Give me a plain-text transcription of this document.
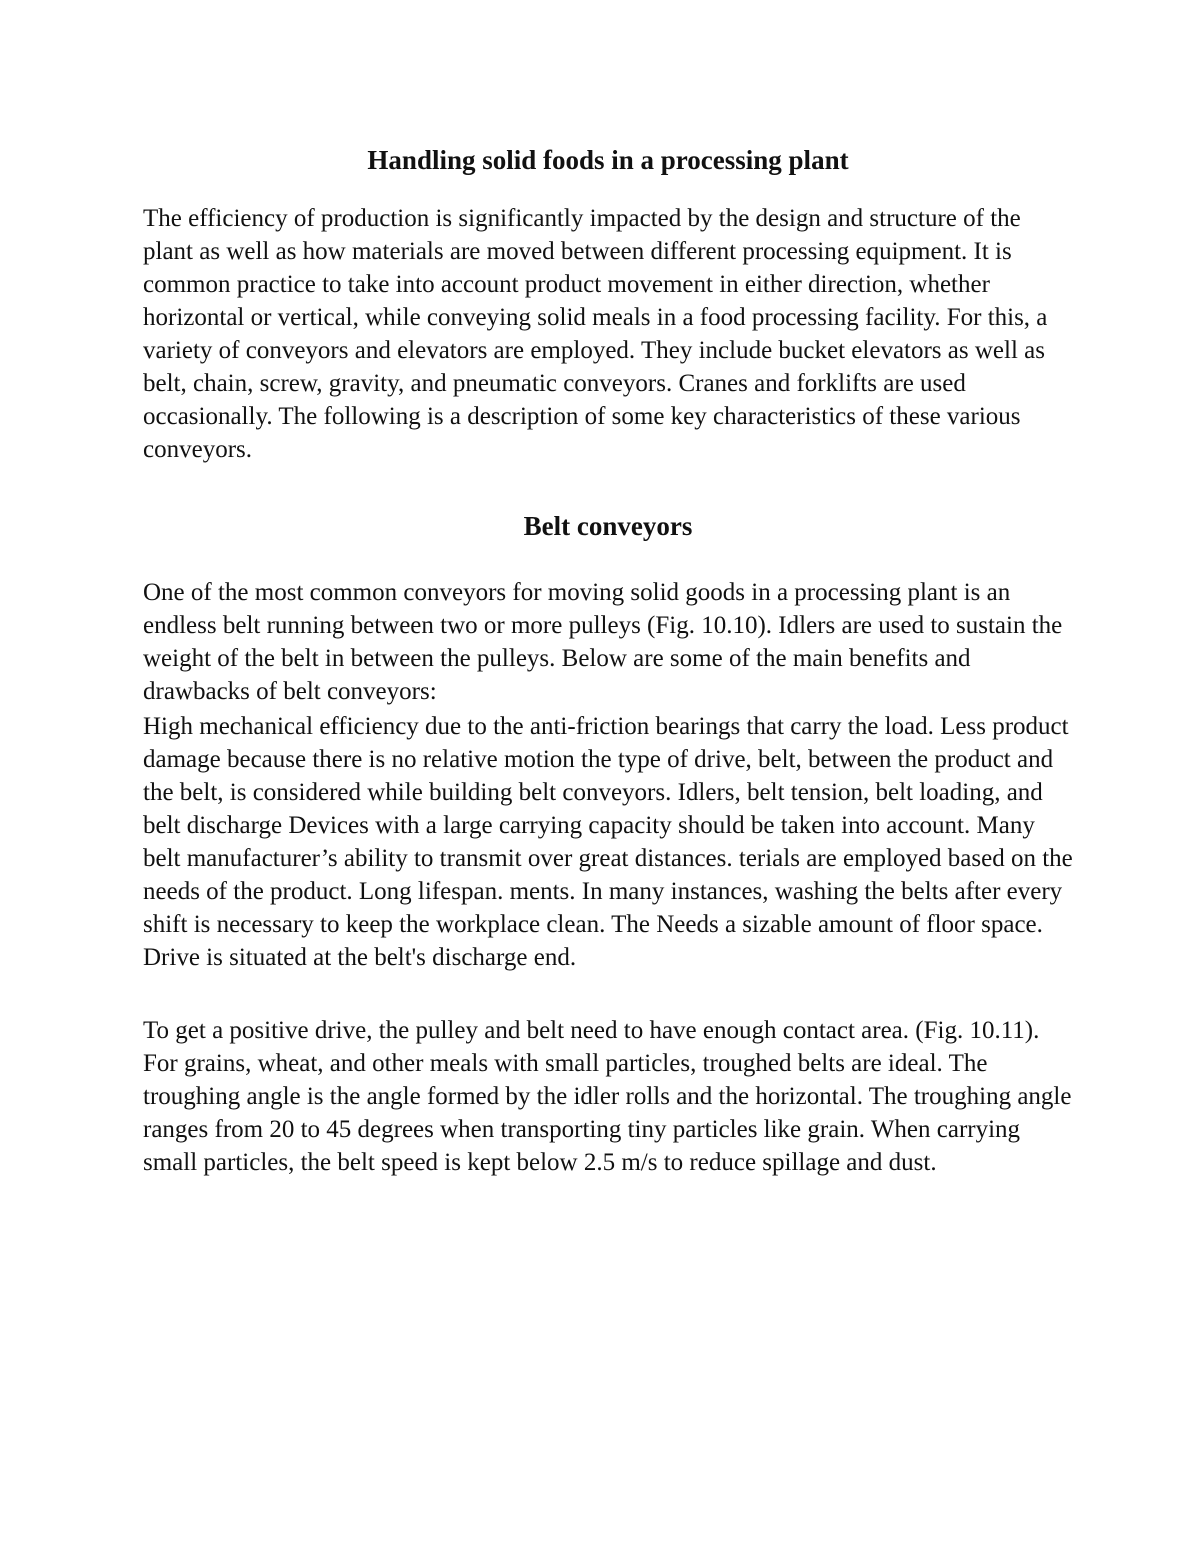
Handling solid foods in a processing plant

The efficiency of production is significantly impacted by the design and structure of the plant as well as how materials are moved between different processing equipment. It is common practice to take into account product movement in either direction, whether horizontal or vertical, while conveying solid meals in a food processing facility. For this, a variety of conveyors and elevators are employed. They include bucket elevators as well as belt, chain, screw, gravity, and pneumatic conveyors. Cranes and forklifts are used occasionally. The following is a description of some key characteristics of these various conveyors.

Belt conveyors

One of the most common conveyors for moving solid goods in a processing plant is an endless belt running between two or more pulleys (Fig. 10.10). Idlers are used to sustain the weight of the belt in between the pulleys. Below are some of the main benefits and drawbacks of belt conveyors:

High mechanical efficiency due to the anti-friction bearings that carry the load. Less product damage because there is no relative motion the type of drive, belt, between the product and the belt, is considered while building belt conveyors. Idlers, belt tension, belt loading, and belt discharge Devices with a large carrying capacity should be taken into account. Many belt manufacturer’s ability to transmit over great distances. terials are employed based on the needs of the product. Long lifespan. ments. In many instances, washing the belts after every shift is necessary to keep the workplace clean. The Needs a sizable amount of floor space. Drive is situated at the belt's discharge end.

To get a positive drive, the pulley and belt need to have enough contact area. (Fig. 10.11). For grains, wheat, and other meals with small particles, troughed belts are ideal. The troughing angle is the angle formed by the idler rolls and the horizontal. The troughing angle ranges from 20 to 45 degrees when transporting tiny particles like grain. When carrying small particles, the belt speed is kept below 2.5 m/s to reduce spillage and dust.
